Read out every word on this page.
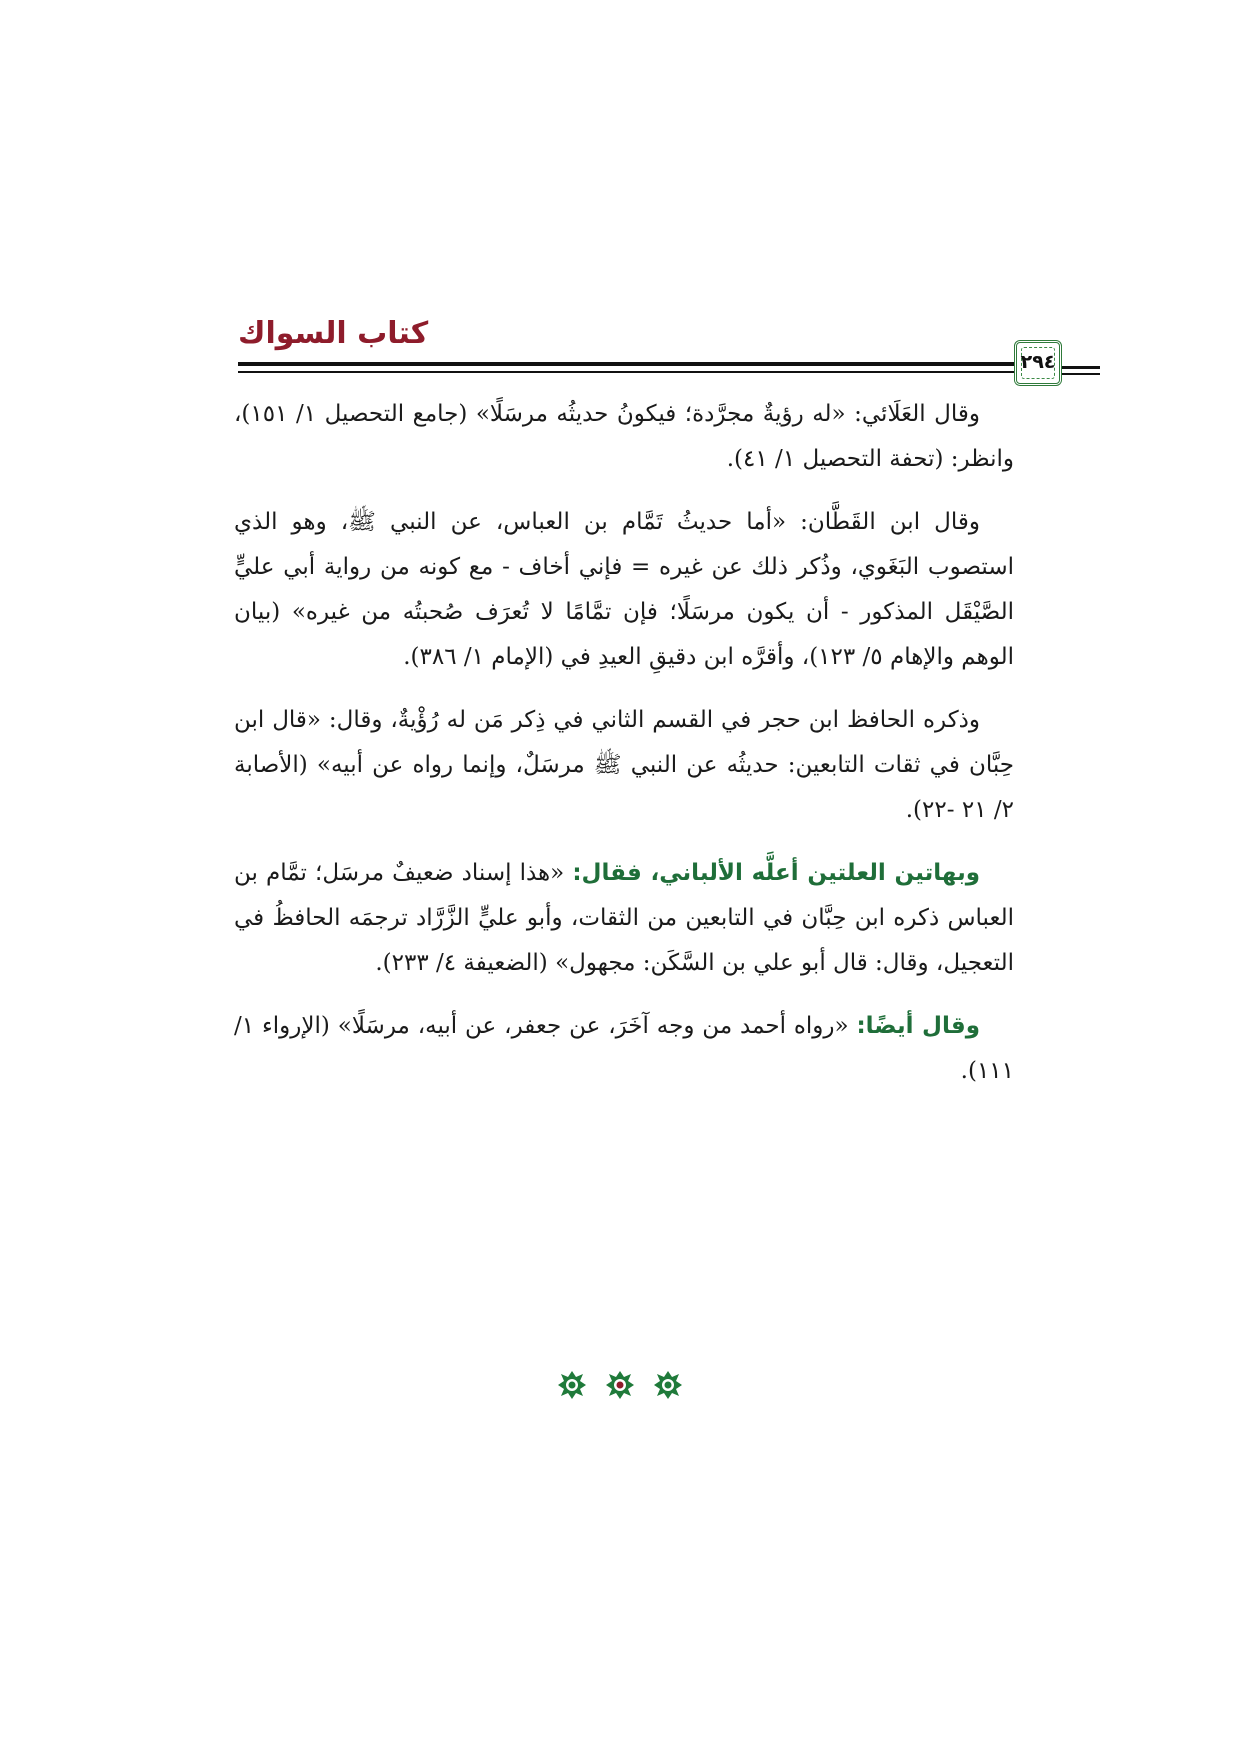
كتاب السواك
٢٩٤

وقال العَلَائي: «له رؤيةٌ مجرَّدة؛ فيكونُ حديثُه مرسَلًا» (جامع التحصيل ١/ ١٥١)، وانظر: (تحفة التحصيل ١/ ٤١).

وقال ابن القَطَّان: «أما حديثُ تَمَّام بن العباس، عن النبي ﷺ، وهو الذي استصوب البَغَوي، وذُكر ذلك عن غيره = فإني أخاف - مع كونه من رواية أبي عليٍّ الصَّيْقَل المذكور - أن يكون مرسَلًا؛ فإن تمَّامًا لا تُعرَف صُحبتُه من غيره» (بيان الوهم والإهام ٥/ ١٢٣)، وأقرَّه ابن دقيقِ العيدِ في (الإمام ١/ ٣٨٦).

وذكره الحافظ ابن حجر في القسم الثاني في ذِكر مَن له رُؤْيةٌ، وقال: «قال ابن حِبَّان في ثقات التابعين: حديثُه عن النبي ﷺ مرسَلٌ، وإنما رواه عن أبيه» (الأصابة ٢/ ٢١ -٢٢).

وبهاتين العلتين أعلَّه الألباني، فقال: «هذا إسناد ضعيفٌ مرسَل؛ تمَّام بن العباس ذكره ابن حِبَّان في التابعين من الثقات، وأبو عليٍّ الزَّرَّاد ترجمَه الحافظُ في التعجيل، وقال: قال أبو علي بن السَّكَن: مجهول» (الضعيفة ٤/ ٢٣٣).

وقال أيضًا: «رواه أحمد من وجه آخَرَ، عن جعفر، عن أبيه، مرسَلًا» (الإرواء ١/ ١١١).
